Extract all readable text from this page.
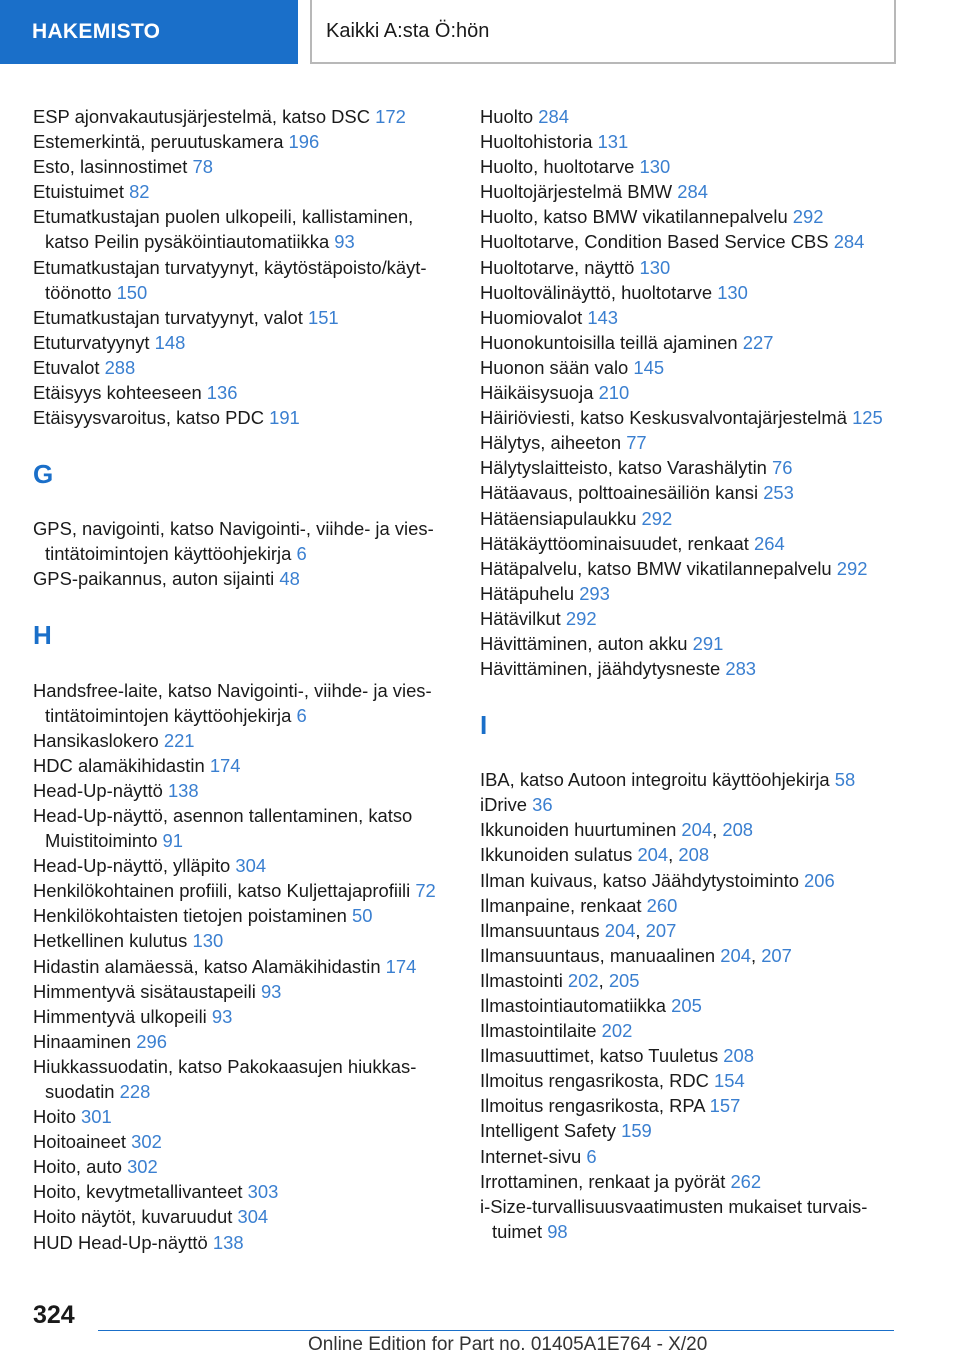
HAKEMISTO	Kaikki A:sta Ö:hön
ESP ajonvakautusjärjestelmä, katso DSC 172
Estemerkintä, peruutuskamera 196
Esto, lasinnostimet 78
Etuistuimet 82
Etumatkustajan puolen ulkopeili, kallistaminen, katso Peilin pysäköintiautomatiikka 93
Etumatkustajan turvatyynyt, käytöstäpoisto/käyttöönotto 150
Etumatkustajan turvatyynyt, valot 151
Etuturvatyynyt 148
Etuvalot 288
Etäisyys kohteeseen 136
Etäisyysvaroitus, katso PDC 191
G
GPS, navigointi, katso Navigointi-, viihde- ja viestintätoimintojen käyttöohjekirja 6
GPS-paikannus, auton sijainti 48
H
Handsfree-laite, katso Navigointi-, viihde- ja viestintätoimintojen käyttöohjekirja 6
Hansikaslokero 221
HDC alamäkihidastin 174
Head-Up-näyttö 138
Head-Up-näyttö, asennon tallentaminen, katso Muistitoiminto 91
Head-Up-näyttö, ylläpito 304
Henkilökohtainen profiili, katso Kuljettajaprofiili 72
Henkilökohtaisten tietojen poistaminen 50
Hetkellinen kulutus 130
Hidastin alamäessä, katso Alamäkihidastin 174
Himmentyvä sisätaustapeili 93
Himmentyvä ulkopeili 93
Hinaaminen 296
Hiukkassuodatin, katso Pakokaasujen hiukkassuodatin 228
Hoito 301
Hoitoaineet 302
Hoito, auto 302
Hoito, kevytmetallivanteet 303
Hoito näytöt, kuvaruudut 304
HUD Head-Up-näyttö 138
Huolto 284
Huoltohistoria 131
Huolto, huoltotarve 130
Huoltojärjestelmä BMW 284
Huolto, katso BMW vikatilannepalvelu 292
Huoltotarve, Condition Based Service CBS 284
Huoltotarve, näyttö 130
Huoltovälinäyttö, huoltotarve 130
Huomiovalot 143
Huonokuntoisilla teillä ajaminen 227
Huonon sään valo 145
Häikäisysuoja 210
Häiriöviesti, katso Keskusvalvontajärjestelmä 125
Hälytys, aiheeton 77
Hälytyslaitteisto, katso Varashälytin 76
Hätäavaus, polttoainesäiliön kansi 253
Hätäensiapulaukku 292
Hätäkäyttöominaisuudet, renkaat 264
Hätäpalvelu, katso BMW vikatilannepalvelu 292
Hätäpuhelu 293
Hätävilkut 292
Hävittäminen, auton akku 291
Hävittäminen, jäähdytysneste 283
I
IBA, katso Autoon integroitu käyttöohjekirja 58
iDrive 36
Ikkunoiden huurtuminen 204, 208
Ikkunoiden sulatus 204, 208
Ilman kuivaus, katso Jäähdytystoiminto 206
Ilmanpaine, renkaat 260
Ilmansuuntaus 204, 207
Ilmansuuntaus, manuaalinen 204, 207
Ilmastointi 202, 205
Ilmastointiautomatiikka 205
Ilmastointilaite 202
Ilmasuuttimet, katso Tuuletus 208
Ilmoitus rengasrikosta, RDC 154
Ilmoitus rengasrikosta, RPA 157
Intelligent Safety 159
Internet-sivu 6
Irrottaminen, renkaat ja pyörät 262
i-Size-turvallisuusvaatimusten mukaiset turvaistuimet 98
324
Online Edition for Part no. 01405A1E764 - X/20
